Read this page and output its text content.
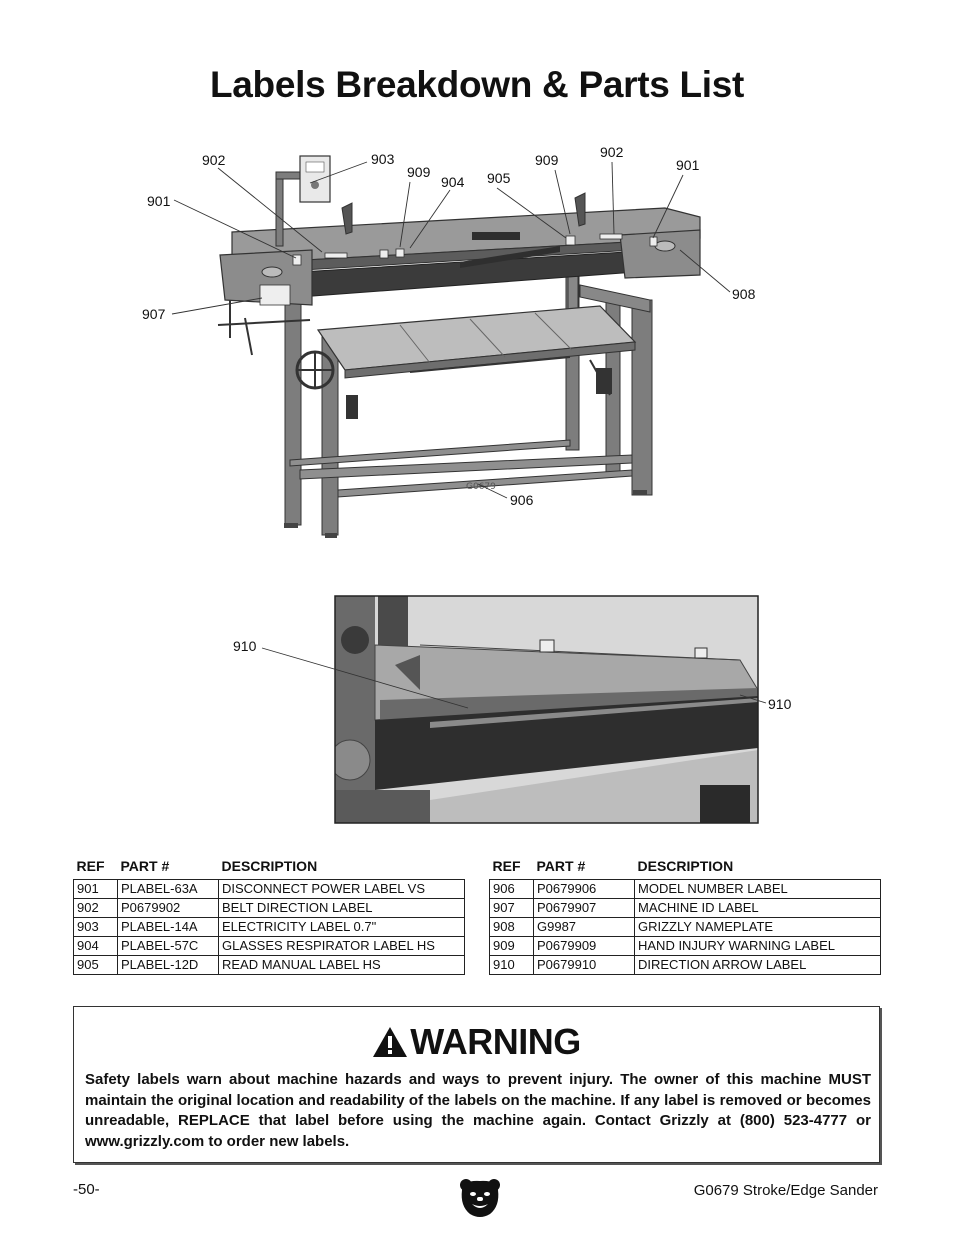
Labels Breakdown & Parts List
G0679
902	903
909
904 905
909	902
901
901
907
908
906
910
910
REF	PART #	DESCRIPTION
901	PLABEL-63A	DISCONNECT POWER LABEL VS
902	P0679902	BELT DIRECTION LABEL
903	PLABEL-14A	ELECTRICITY LABEL 0.7"
904	PLABEL-57C	GLASSES RESPIRATOR LABEL HS
905	PLABEL-12D	READ MANUAL LABEL HS
REF	PART #	DESCRIPTION
906	P0679906	MODEL NUMBER LABEL
907	P0679907	MACHINE ID LABEL
908	G9987	GRIZZLY NAMEPLATE
909	P0679909	HAND INJURY WARNING LABEL
910	P0679910	DIRECTION ARROW LABEL
WARNING
Safety labels warn about machine hazards and ways to prevent injury. The owner of this machine MUST maintain the original location and readability of the labels on the machine. If any label is removed or becomes unreadable, REPLACE that label before using the machine again. Contact Grizzly at (800) 523-4777 or www.grizzly.com to order new labels.
-50-	G0679 Stroke/Edge Sander
